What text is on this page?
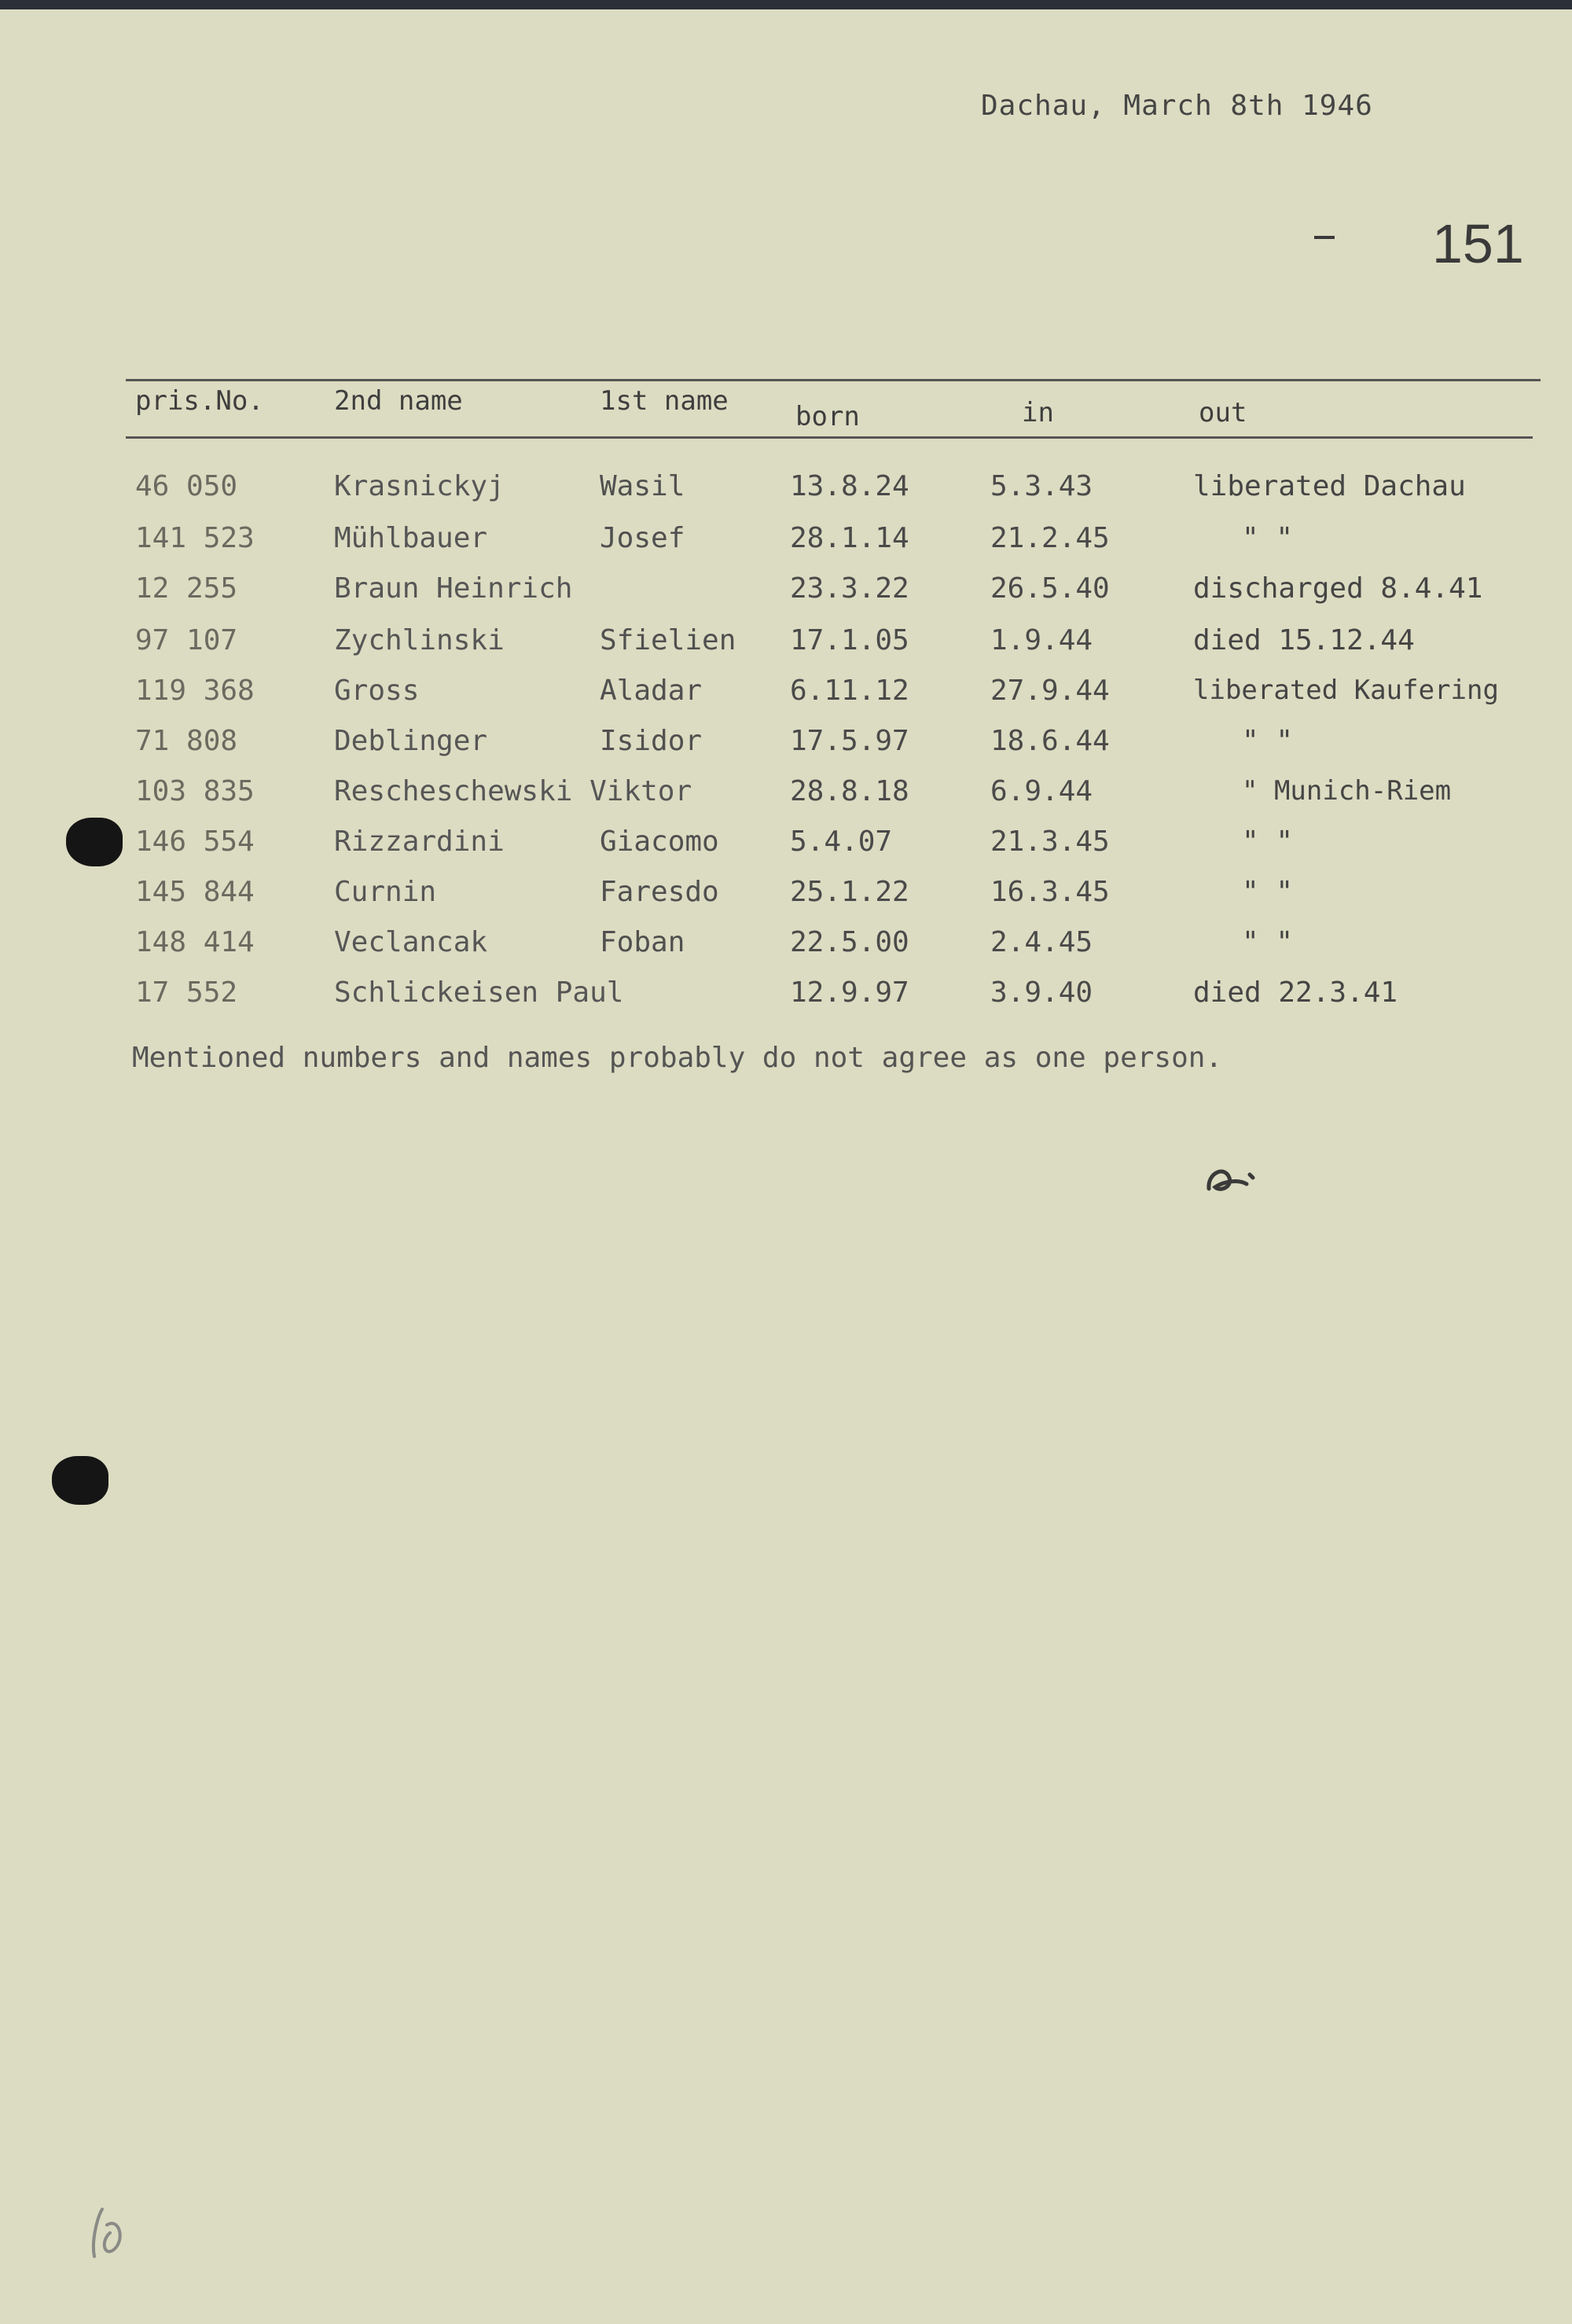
Dachau, March 8th 1946
151
pris.No.	2nd name	1st name	born	in	out
46 050	Krasnickyj	Wasil	13.8.24	5.3.43	liberated Dachau
141 523	Mühlbauer	Josef	28.1.14	21.2.45	" "
12 255	Braun Heinrich	23.3.22	26.5.40	discharged 8.4.41
97 107	Zychlinski	Sfielien 17.1.05	1.9.44	died 15.12.44
119 368	Gross	Aladar	6.11.12	27.9.44	liberated Kaufering
71 808	Deblinger	Isidor	17.5.97	18.6.44	" "
103 835	Rescheschewski Viktor	28.8.18	6.9.44	" Munich-Riem
146 554	Rizzardini	Giacomo	5.4.07	21.3.45	" "
145 844	Curnin	Faresdo	25.1.22	16.3.45	" "
148 414	Veclancak	Foban	22.5.00	2.4.45	" "
17 552	Schlickeisen Paul	12.9.97	3.9.40	died 22.3.41
Mentioned numbers and names probably do not agree as one person.
